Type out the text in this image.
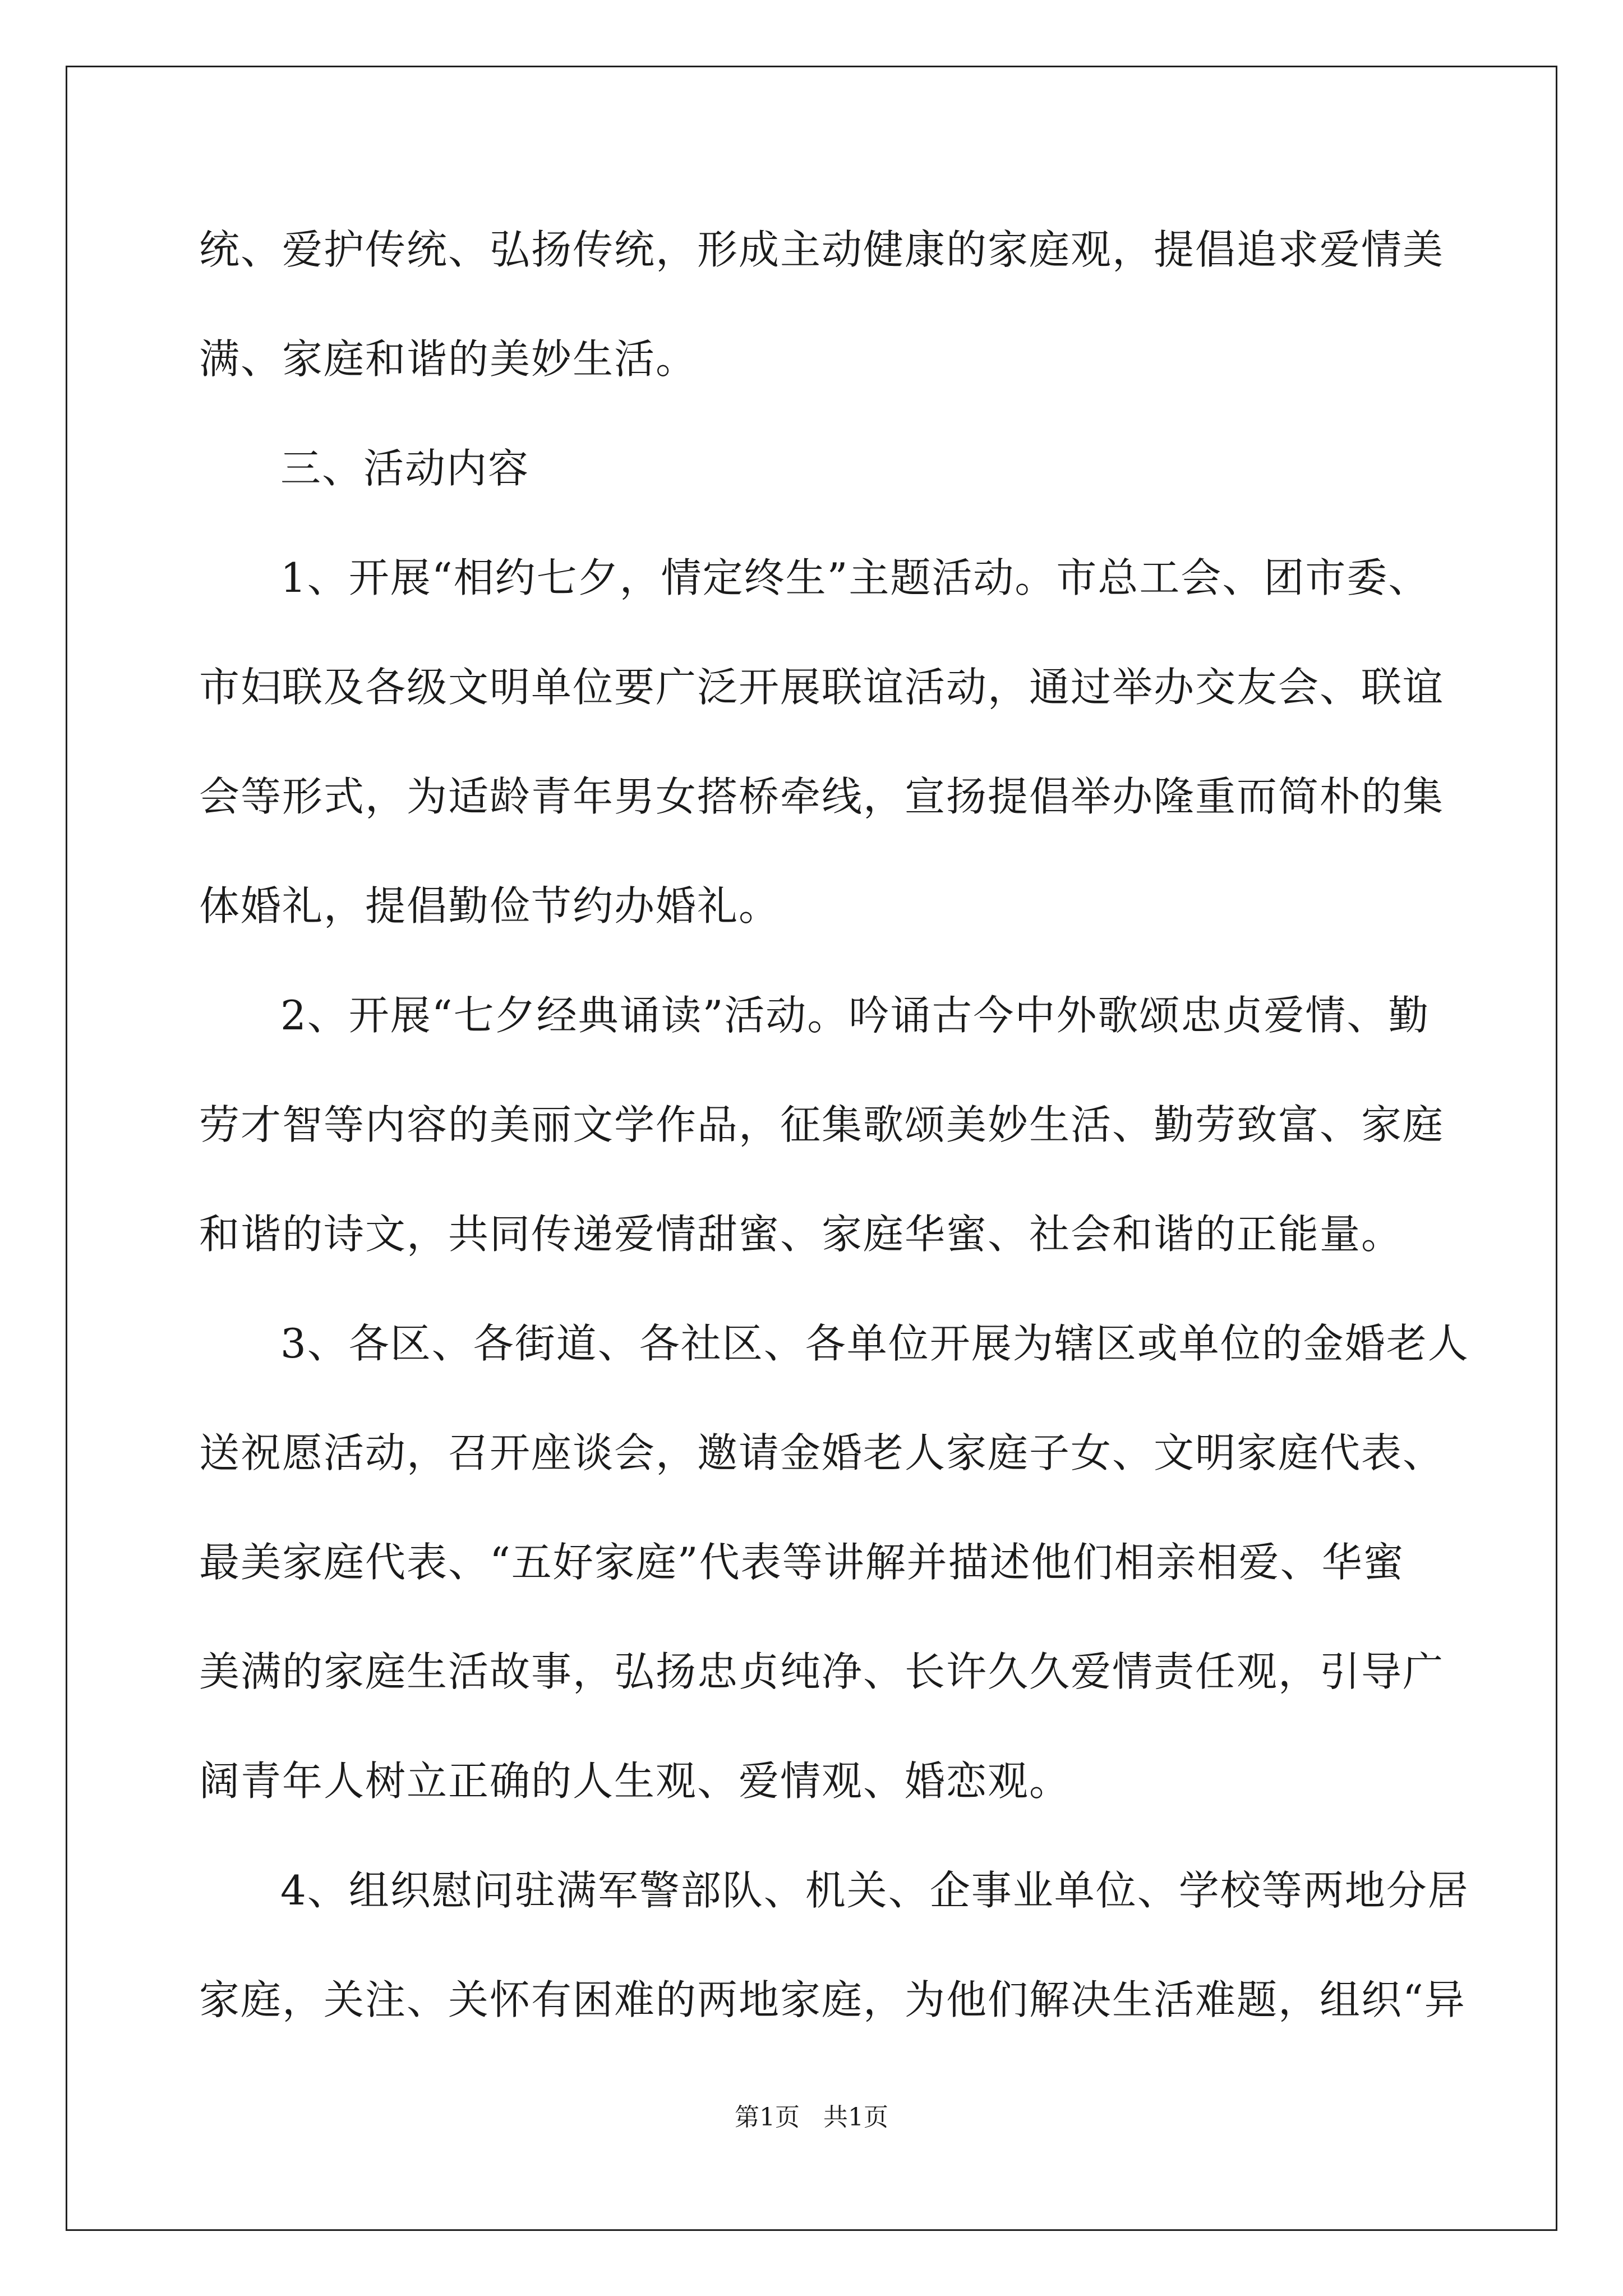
统、爱护传统、弘扬传统，形成主动健康的家庭观，提倡追求爱情美
满、家庭和谐的美妙生活。
三、活动内容
1、开展“相约七夕，情定终生”主题活动。市总工会、团市委、
市妇联及各级文明单位要广泛开展联谊活动，通过举办交友会、联谊
会等形式，为适龄青年男女搭桥牵线，宣扬提倡举办隆重而简朴的集
体婚礼，提倡勤俭节约办婚礼。
2、开展“七夕经典诵读”活动。吟诵古今中外歌颂忠贞爱情、勤
劳才智等内容的美丽文学作品，征集歌颂美妙生活、勤劳致富、家庭
和谐的诗文，共同传递爱情甜蜜、家庭华蜜、社会和谐的正能量。
3、各区、各街道、各社区、各单位开展为辖区或单位的金婚老人
送祝愿活动，召开座谈会，邀请金婚老人家庭子女、文明家庭代表、
最美家庭代表、“五好家庭”代表等讲解并描述他们相亲相爱、华蜜
美满的家庭生活故事，弘扬忠贞纯净、长许久久爱情责任观，引导广
阔青年人树立正确的人生观、爱情观、婚恋观。
4、组织慰问驻满军警部队、机关、企事业单位、学校等两地分居
家庭，关注、关怀有困难的两地家庭，为他们解决生活难题，组织“异
第1页   共1页
